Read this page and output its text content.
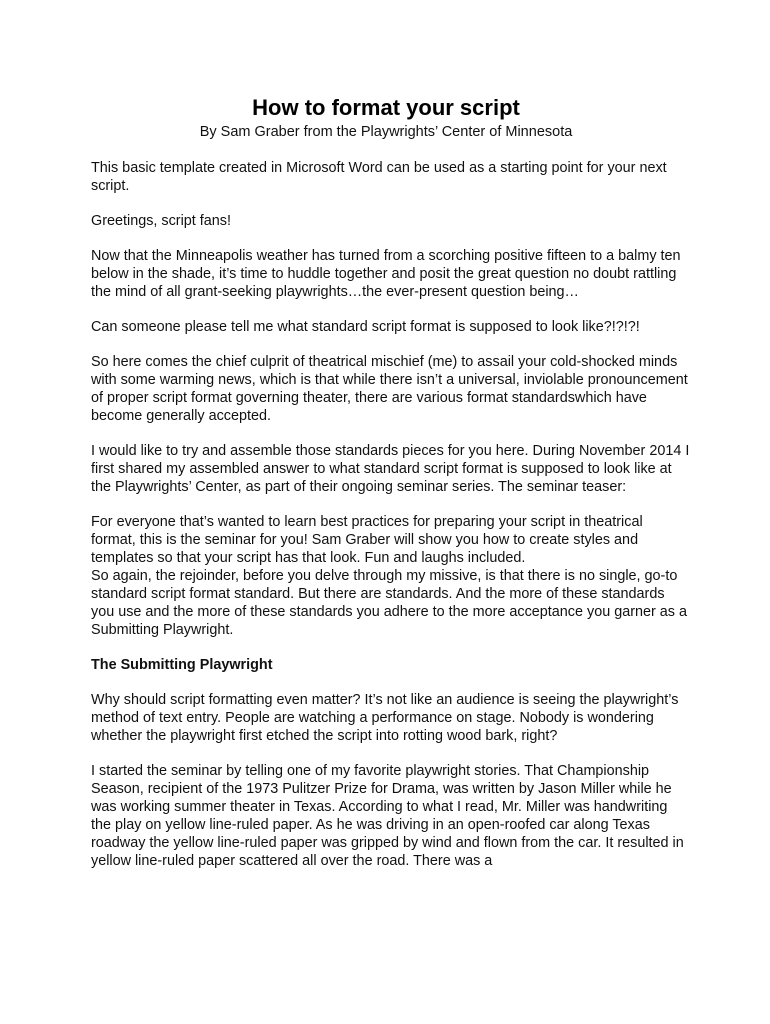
How to format your script
By Sam Graber from the Playwrights’ Center of Minnesota

This basic template created in Microsoft Word can be used as a starting point for your next script.

Greetings, script fans!

Now that the Minneapolis weather has turned from a scorching positive fifteen to a balmy ten below in the shade, it’s time to huddle together and posit the great question no doubt rattling the mind of all grant-seeking playwrights…the ever-present question being…

Can someone please tell me what standard script format is supposed to look like?!?!?!

So here comes the chief culprit of theatrical mischief (me) to assail your cold-shocked minds with some warming news, which is that while there isn’t a universal, inviolable pronouncement of proper script format governing theater, there are various format standardswhich have become generally accepted.

I would like to try and assemble those standards pieces for you here. During November 2014 I first shared my assembled answer to what standard script format is supposed to look like at the Playwrights’ Center, as part of their ongoing seminar series. The seminar teaser:

For everyone that’s wanted to learn best practices for preparing your script in theatrical format, this is the seminar for you! Sam Graber will show you how to create styles and templates so that your script has that look. Fun and laughs included.

So again, the rejoinder, before you delve through my missive, is that there is no single, go-to standard script format standard. But there are standards. And the more of these standards you use and the more of these standards you adhere to the more acceptance you garner as a Submitting Playwright.

The Submitting Playwright

Why should script formatting even matter? It’s not like an audience is seeing the playwright’s method of text entry. People are watching a performance on stage. Nobody is wondering whether the playwright first etched the script into rotting wood bark, right?

I started the seminar by telling one of my favorite playwright stories. That Championship Season, recipient of the 1973 Pulitzer Prize for Drama, was written by Jason Miller while he was working summer theater in Texas. According to what I read, Mr. Miller was handwriting the play on yellow line-ruled paper. As he was driving in an open-roofed car along Texas roadway the yellow line-ruled paper was gripped by wind and flown from the car. It resulted in yellow line-ruled paper scattered all over the road. There was a
